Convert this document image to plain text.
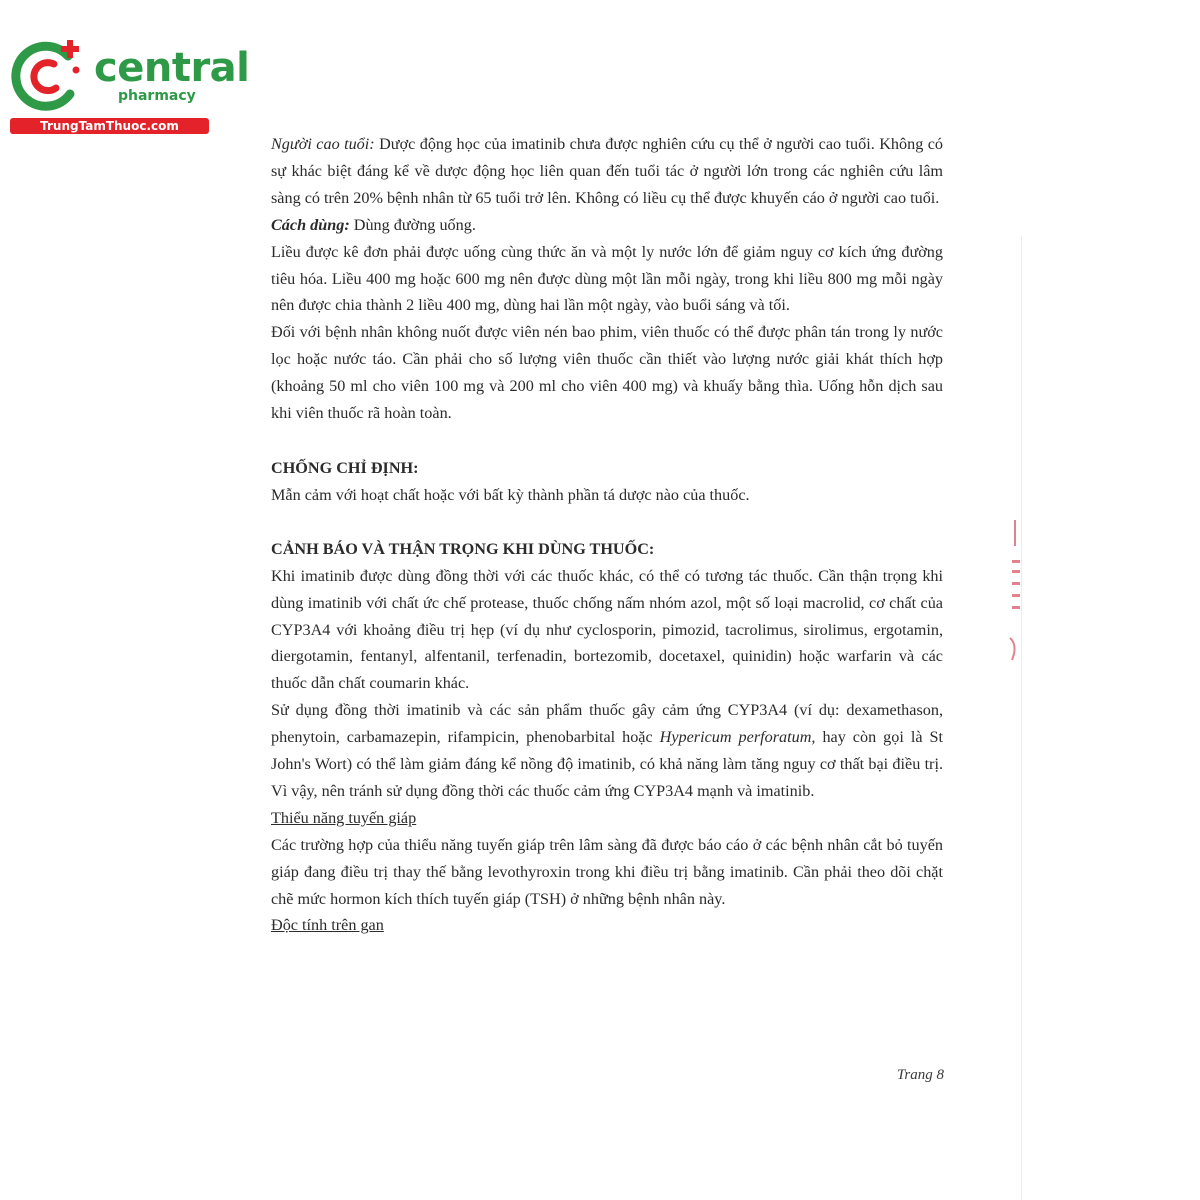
central
pharmacy
TrungTamThuoc.com

Người cao tuổi: Dược động học của imatinib chưa được nghiên cứu cụ thể ở người cao tuổi. Không có sự khác biệt đáng kể về dược động học liên quan đến tuổi tác ở người lớn trong các nghiên cứu lâm sàng có trên 20% bệnh nhân từ 65 tuổi trở lên. Không có liều cụ thể được khuyến cáo ở người cao tuổi.

Cách dùng: Dùng đường uống.

Liều được kê đơn phải được uống cùng thức ăn và một ly nước lớn để giảm nguy cơ kích ứng đường tiêu hóa. Liều 400 mg hoặc 600 mg nên được dùng một lần mỗi ngày, trong khi liều 800 mg mỗi ngày nên được chia thành 2 liều 400 mg, dùng hai lần một ngày, vào buổi sáng và tối.

Đối với bệnh nhân không nuốt được viên nén bao phim, viên thuốc có thể được phân tán trong ly nước lọc hoặc nước táo. Cần phải cho số lượng viên thuốc cần thiết vào lượng nước giải khát thích hợp (khoảng 50 ml cho viên 100 mg và 200 ml cho viên 400 mg) và khuấy bằng thìa. Uống hỗn dịch sau khi viên thuốc rã hoàn toàn.

CHỐNG CHỈ ĐỊNH:

Mẫn cảm với hoạt chất hoặc với bất kỳ thành phần tá dược nào của thuốc.

CẢNH BÁO VÀ THẬN TRỌNG KHI DÙNG THUỐC:

Khi imatinib được dùng đồng thời với các thuốc khác, có thể có tương tác thuốc. Cần thận trọng khi dùng imatinib với chất ức chế protease, thuốc chống nấm nhóm azol, một số loại macrolid, cơ chất của CYP3A4 với khoảng điều trị hẹp (ví dụ như cyclosporin, pimozid, tacrolimus, sirolimus, ergotamin, diergotamin, fentanyl, alfentanil, terfenadin, bortezomib, docetaxel, quinidin) hoặc warfarin và các thuốc dẫn chất coumarin khác.

Sử dụng đồng thời imatinib và các sản phẩm thuốc gây cảm ứng CYP3A4 (ví dụ: dexamethason, phenytoin, carbamazepin, rifampicin, phenobarbital hoặc Hypericum perforatum, hay còn gọi là St John's Wort) có thể làm giảm đáng kể nồng độ imatinib, có khả năng làm tăng nguy cơ thất bại điều trị. Vì vậy, nên tránh sử dụng đồng thời các thuốc cảm ứng CYP3A4 mạnh và imatinib.

Thiểu năng tuyến giáp

Các trường hợp của thiểu năng tuyến giáp trên lâm sàng đã được báo cáo ở các bệnh nhân cắt bỏ tuyến giáp đang điều trị thay thế bằng levothyroxin trong khi điều trị bằng imatinib. Cần phải theo dõi chặt chẽ mức hormon kích thích tuyến giáp (TSH) ở những bệnh nhân này.

Độc tính trên gan

Trang 8
